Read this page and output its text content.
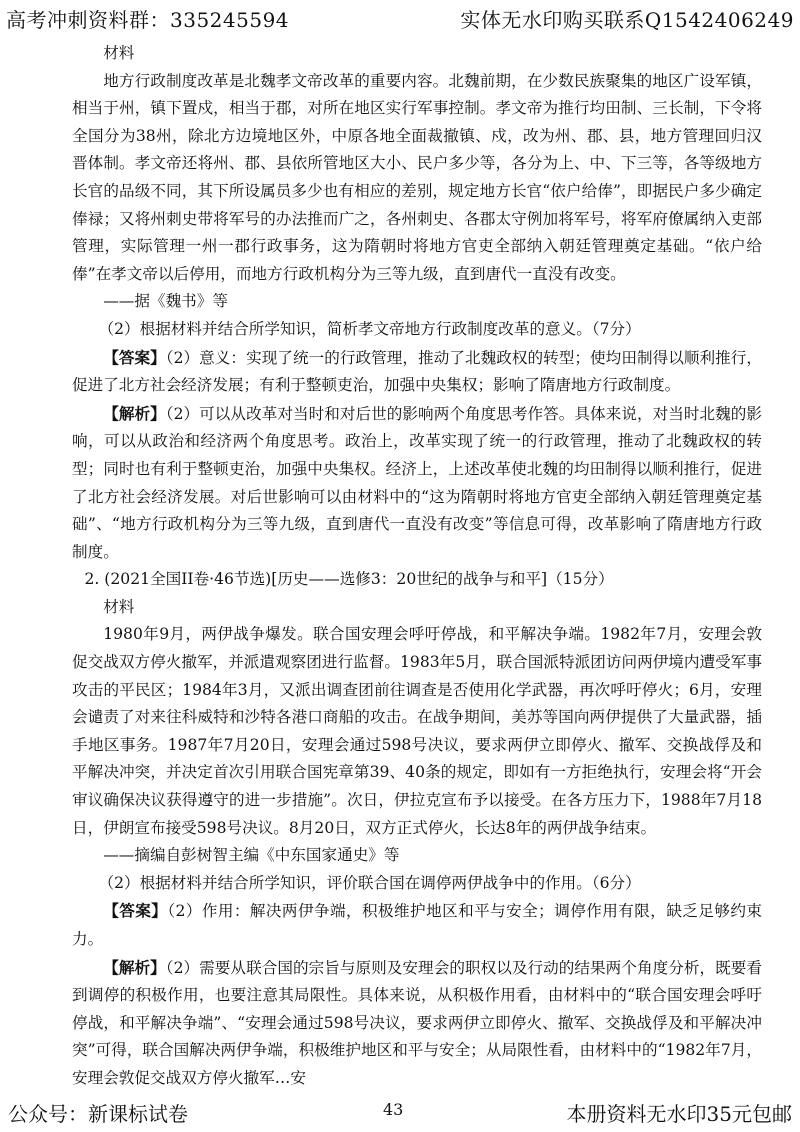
高考冲刺资料群：335245594	实体无水印购买联系Q1542406249

材料

地方行政制度改革是北魏孝文帝改革的重要内容。北魏前期，在少数民族聚集的地区广设军镇，相当于州，镇下置戍，相当于郡，对所在地区实行军事控制。孝文帝为推行均田制、三长制，下令将全国分为38州，除北方边境地区外，中原各地全面裁撤镇、戍，改为州、郡、县，地方管理回归汉晋体制。孝文帝还将州、郡、县依所管地区大小、民户多少等，各分为上、中、下三等，各等级地方长官的品级不同，其下所设属员多少也有相应的差别，规定地方长官“依户给俸”，即据民户多少确定俸禄；又将州刺史带将军号的办法推而广之，各州刺史、各郡太守例加将军号，将军府僚属纳入吏部管理，实际管理一州一郡行政事务，这为隋朝时将地方官吏全部纳入朝廷管理奠定基础。“依户给俸”在孝文帝以后停用，而地方行政机构分为三等九级，直到唐代一直没有改变。

——据《魏书》等

（2）根据材料并结合所学知识，简析孝文帝地方行政制度改革的意义。（7分）

【答案】（2）意义：实现了统一的行政管理，推动了北魏政权的转型；使均田制得以顺利推行，促进了北方社会经济发展；有利于整顿吏治，加强中央集权；影响了隋唐地方行政制度。

【解析】（2）可以从改革对当时和对后世的影响两个角度思考作答。具体来说，对当时北魏的影响，可以从政治和经济两个角度思考。政治上，改革实现了统一的行政管理，推动了北魏政权的转型；同时也有利于整顿吏治，加强中央集权。经济上，上述改革使北魏的均田制得以顺利推行，促进了北方社会经济发展。对后世影响可以由材料中的“这为隋朝时将地方官吏全部纳入朝廷管理奠定基础”、“地方行政机构分为三等九级，直到唐代一直没有改变”等信息可得，改革影响了隋唐地方行政制度。

2. (2021全国II卷·46节选)[历史——选修3：20世纪的战争与和平]（15分）

材料

1980年9月，两伊战争爆发。联合国安理会呼吁停战，和平解决争端。1982年7月，安理会敦促交战双方停火撤军，并派遣观察团进行监督。1983年5月，联合国派特派团访问两伊境内遭受军事攻击的平民区；1984年3月，又派出调查团前往调查是否使用化学武器，再次呼吁停火；6月，安理会谴责了对来往科威特和沙特各港口商船的攻击。在战争期间，美苏等国向两伊提供了大量武器，插手地区事务。1987年7月20日，安理会通过598号决议，要求两伊立即停火、撤军、交换战俘及和平解决冲突，并决定首次引用联合国宪章第39、40条的规定，即如有一方拒绝执行，安理会将“开会审议确保决议获得遵守的进一步措施”。次日，伊拉克宣布予以接受。在各方压力下，1988年7月18日，伊朗宣布接受598号决议。8月20日，双方正式停火，长达8年的两伊战争结束。

——摘编自彭树智主编《中东国家通史》等

（2）根据材料并结合所学知识，评价联合国在调停两伊战争中的作用。（6分）

【答案】（2）作用：解决两伊争端，积极维护地区和平与安全；调停作用有限，缺乏足够约束力。

【解析】（2）需要从联合国的宗旨与原则及安理会的职权以及行动的结果两个角度分析，既要看到调停的积极作用，也要注意其局限性。具体来说，从积极作用看，由材料中的“联合国安理会呼吁停战，和平解决争端”、“安理会通过598号决议，要求两伊立即停火、撤军、交换战俘及和平解决冲突”可得，联合国解决两伊争端，积极维护地区和平与安全；从局限性看，由材料中的“1982年7月，安理会敦促交战双方停火撤军…安

公众号：新课标试卷	43	本册资料无水印35元包邮
